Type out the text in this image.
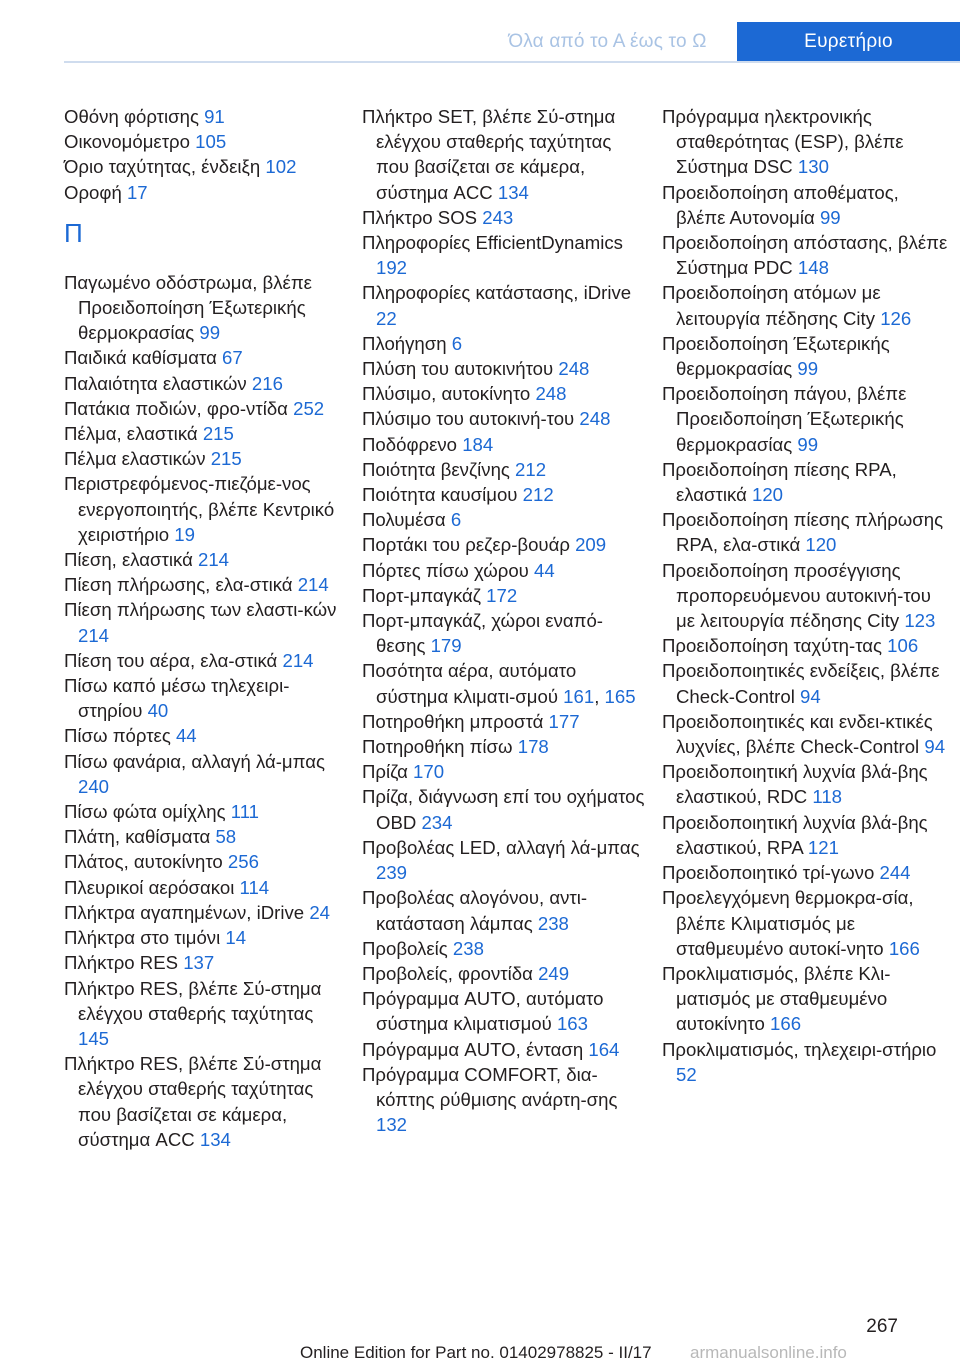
Όλα από το Α έως το Ω	Ευρετήριο
Οθόνη φόρτισης 91
Οικονομόμετρο 105
Όριο ταχύτητας, ένδειξη 102
Οροφή 17
Π
Παγωμένο οδόστρωμα, βλέπε Προειδοποίηση Έξωτερικής θερμοκρασίας 99
Παιδικά καθίσματα 67
Παλαιότητα ελαστικών 216
Πατάκια ποδιών, φρο-ντίδα 252
Πέλμα, ελαστικά 215
Πέλμα ελαστικών 215
Περιστρεφόμενος-πιεζόμε-νος ενεργοποιητής, βλέπε Κεντρικό χειριστήριο 19
Πίεση, ελαστικά 214
Πίεση πλήρωσης, ελα-στικά 214
Πίεση πλήρωσης των ελαστι-κών 214
Πίεση του αέρα, ελα-στικά 214
Πίσω καπό μέσω τηλεχειρι-στηρίου 40
Πίσω πόρτες 44
Πίσω φανάρια, αλλαγή λά-μπας 240
Πίσω φώτα ομίχλης 111
Πλάτη, καθίσματα 58
Πλάτος, αυτοκίνητο 256
Πλευρικοί αερόσακοι 114
Πλήκτρα αγαπημένων, iDrive 24
Πλήκτρα στο τιμόνι 14
Πλήκτρο RES 137
Πλήκτρο RES, βλέπε Σύ-στημα ελέγχου σταθερής ταχύτητας 145
Πλήκτρο RES, βλέπε Σύ-στημα ελέγχου σταθερής ταχύτητας που βασίζεται σε κάμερα, σύστημα ACC 134
Πλήκτρο SET, βλέπε Σύ-στημα ελέγχου σταθερής ταχύτητας που βασίζεται σε κάμερα, σύστημα ACC 134
Πλήκτρο SOS 243
Πληροφορίες EfficientDynamics 192
Πληροφορίες κατάστασης, iDrive 22
Πλοήγηση 6
Πλύση του αυτοκινήτου 248
Πλύσιμο, αυτοκίνητο 248
Πλύσιμο του αυτοκινή-του 248
Ποδόφρενο 184
Ποιότητα βενζίνης 212
Ποιότητα καυσίμου 212
Πολυμέσα 6
Πορτάκι του ρεζερ-βουάρ 209
Πόρτες πίσω χώρου 44
Πορτ-μπαγκάζ 172
Πορτ-μπαγκάζ, χώροι εναπό-θεσης 179
Ποσότητα αέρα, αυτόματο σύστημα κλιματι-σμού 161, 165
Ποτηροθήκη μπροστά 177
Ποτηροθήκη πίσω 178
Πρίζα 170
Πρίζα, διάγνωση επί του οχήματος OBD 234
Προβολέας LED, αλλαγή λά-μπας 239
Προβολέας αλογόνου, αντι-κατάσταση λάμπας 238
Προβολείς 238
Προβολείς, φροντίδα 249
Πρόγραμμα AUTO, αυτόματο σύστημα κλιματισμού 163
Πρόγραμμα AUTO, ένταση 164
Πρόγραμμα COMFORT, δια-κόπτης ρύθμισης ανάρτη-σης 132
Πρόγραμμα ηλεκτρονικής σταθερότητας (ESP), βλέπε Σύστημα DSC 130
Προειδοποίηση αποθέματος, βλέπε Αυτονομία 99
Προειδοποίηση απόστασης, βλέπε Σύστημα PDC 148
Προειδοποίηση ατόμων με λειτουργία πέδησης City 126
Προειδοποίηση Έξωτερικής θερμοκρασίας 99
Προειδοποίηση πάγου, βλέπε Προειδοποίηση Έξωτερικής θερμοκρασίας 99
Προειδοποίηση πίεσης RPA, ελαστικά 120
Προειδοποίηση πίεσης πλήρωσης RPA, ελα-στικά 120
Προειδοποίηση προσέγγισης προπορευόμενου αυτοκινή-του με λειτουργία πέδησης City 123
Προειδοποίηση ταχύτη-τας 106
Προειδοποιητικές ενδείξεις, βλέπε Check-Control 94
Προειδοποιητικές και ενδει-κτικές λυχνίες, βλέπε Check-Control 94
Προειδοποιητική λυχνία βλά-βης ελαστικού, RDC 118
Προειδοποιητική λυχνία βλά-βης ελαστικού, RPA 121
Προειδοποιητικό τρί-γωνο 244
Προελεγχόμενη θερμοκρα-σία, βλέπε Κλιματισμός με σταθμευμένο αυτοκί-νητο 166
Προκλιματισμός, βλέπε Κλι-ματισμός με σταθμευμένο αυτοκίνητο 166
Προκλιματισμός, τηλεχειρι-στήριο 52
267
Online Edition for Part no. 01402978825 - II/17 armanualsonline.info
